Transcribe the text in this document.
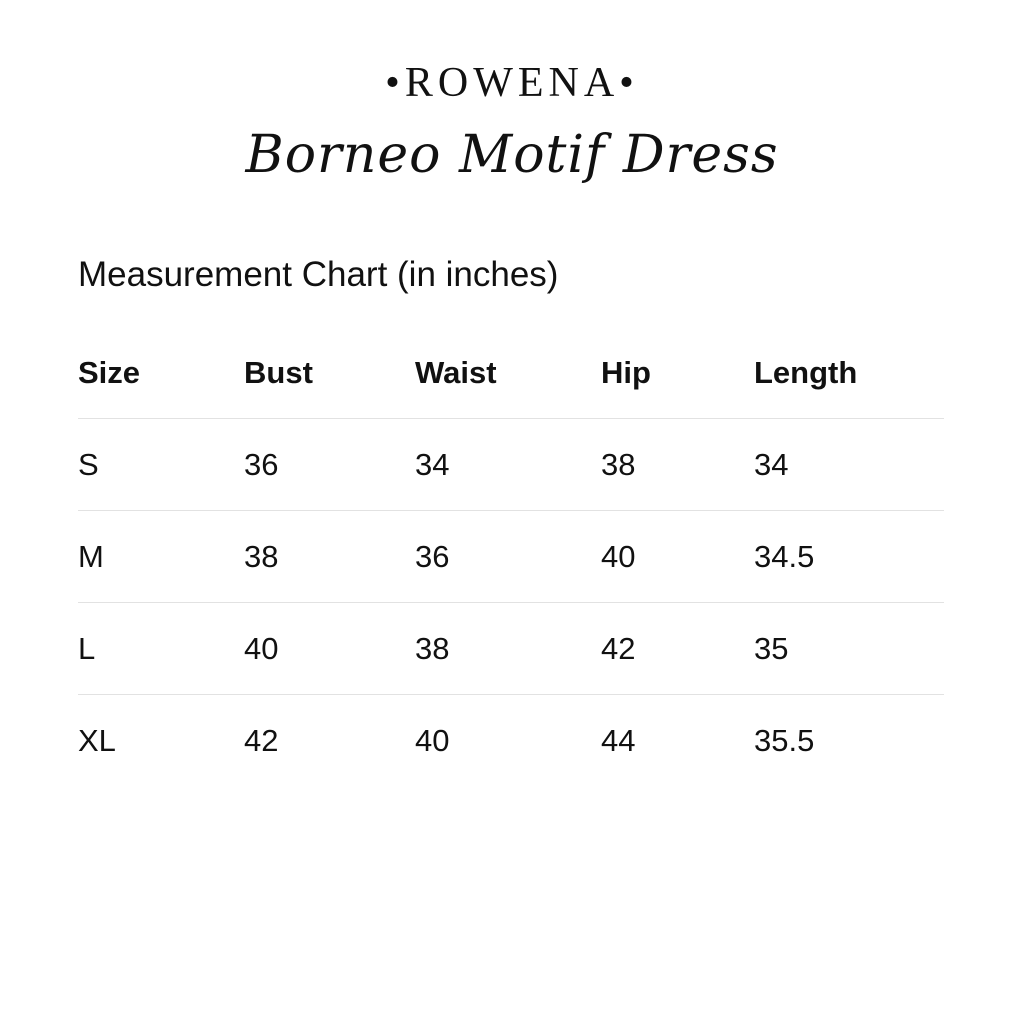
•ROWENA•
Borneo Motif Dress
Measurement Chart (in inches)
Size	Bust	Waist	Hip	Length
S	36	34	38	34
M	38	36	40	34.5
L	40	38	42	35
XL	42	40	44	35.5
